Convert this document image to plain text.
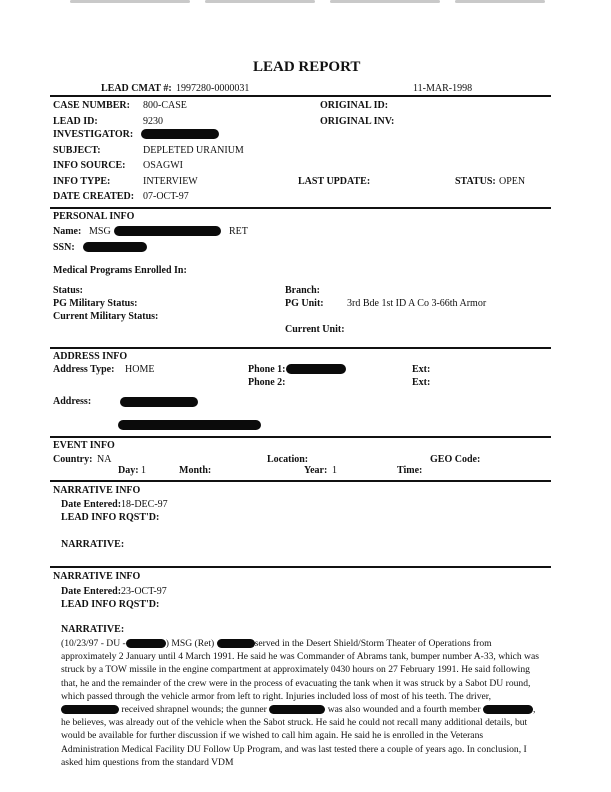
LEAD REPORT
LEAD CMAT #: 1997280-0000031	11-MAR-1998
CASE NUMBER: 800-CASE	ORIGINAL ID:
LEAD ID:	9230	ORIGINAL INV:
INVESTIGATOR:
SUBJECT:	DEPLETED URANIUM
INFO SOURCE: OSAGWI
INFO TYPE:	INTERVIEW	LAST UPDATE:	STATUS: OPEN
DATE CREATED: 07-OCT-97
PERSONAL INFO
Name: MSG	RET
SSN:
Medical Programs Enrolled In:
Status:	Branch:
PG Military Status:	PG Unit: 3rd Bde 1st ID A Co 3-66th Armor
Current Military Status:
Current Unit:
ADDRESS INFO
Address Type: HOME	Phone 1:	Ext:
Phone 2:	Ext:
Address:
EVENT INFO
Country: NA	Location:	GEO Code:
Day: 1	Month:	Year: 1	Time:
NARRATIVE INFO
Date Entered: 18-DEC-97
LEAD INFO RQST'D:
NARRATIVE:
NARRATIVE INFO
Date Entered: 23-OCT-97
LEAD INFO RQST'D:
NARRATIVE:
(10/23/97 - DU -	) MSG (Ret)	served in the Desert Shield/Storm Theater of Operations from approximately 2 January until 4 March 1991. He said he was Commander of Abrams tank, bumper number A-33, which was struck by a TOW missile in the engine compartment at approximately 0430 hours on 27 February 1991. He said following that, he and the remainder of the crew were in the process of evacuating the tank when it was struck by a Sabot DU round, which passed through the vehicle armor from left to right. Injuries included loss of most of his teeth. The driver,  received shrapnel wounds; the gunner	was also wounded and a fourth member	, he believes, was already out of the vehicle when the Sabot struck. He said he could not recall many additional details, but would be available for further discussion if we wished to call him again. He said he is enrolled in the Veterans Administration Medical Facility DU Follow Up Program, and was last tested there a couple of years ago. In conclusion, I asked him questions from the standard VDM
